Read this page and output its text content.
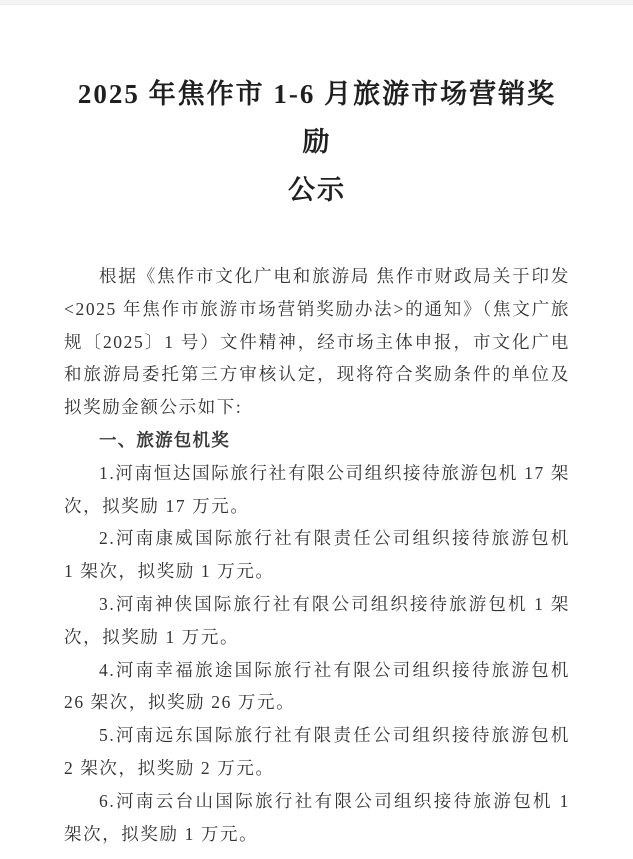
2025 年焦作市 1-6 月旅游市场营销奖励
公示

根据《焦作市文化广电和旅游局 焦作市财政局关于印发<2025 年焦作市旅游市场营销奖励办法>的通知》（焦文广旅规〔2025〕1 号）文件精神，经市场主体申报，市文化广电和旅游局委托第三方审核认定，现将符合奖励条件的单位及拟奖励金额公示如下:

一、旅游包机奖

1.河南恒达国际旅行社有限公司组织接待旅游包机 17 架次，拟奖励 17 万元。

2.河南康威国际旅行社有限责任公司组织接待旅游包机 1 架次，拟奖励 1 万元。

3.河南神侠国际旅行社有限公司组织接待旅游包机 1 架次，拟奖励 1 万元。

4.河南幸福旅途国际旅行社有限公司组织接待旅游包机 26 架次，拟奖励 26 万元。

5.河南远东国际旅行社有限责任公司组织接待旅游包机 2 架次，拟奖励 2 万元。

6.河南云台山国际旅行社有限公司组织接待旅游包机 1 架次，拟奖励 1 万元。
